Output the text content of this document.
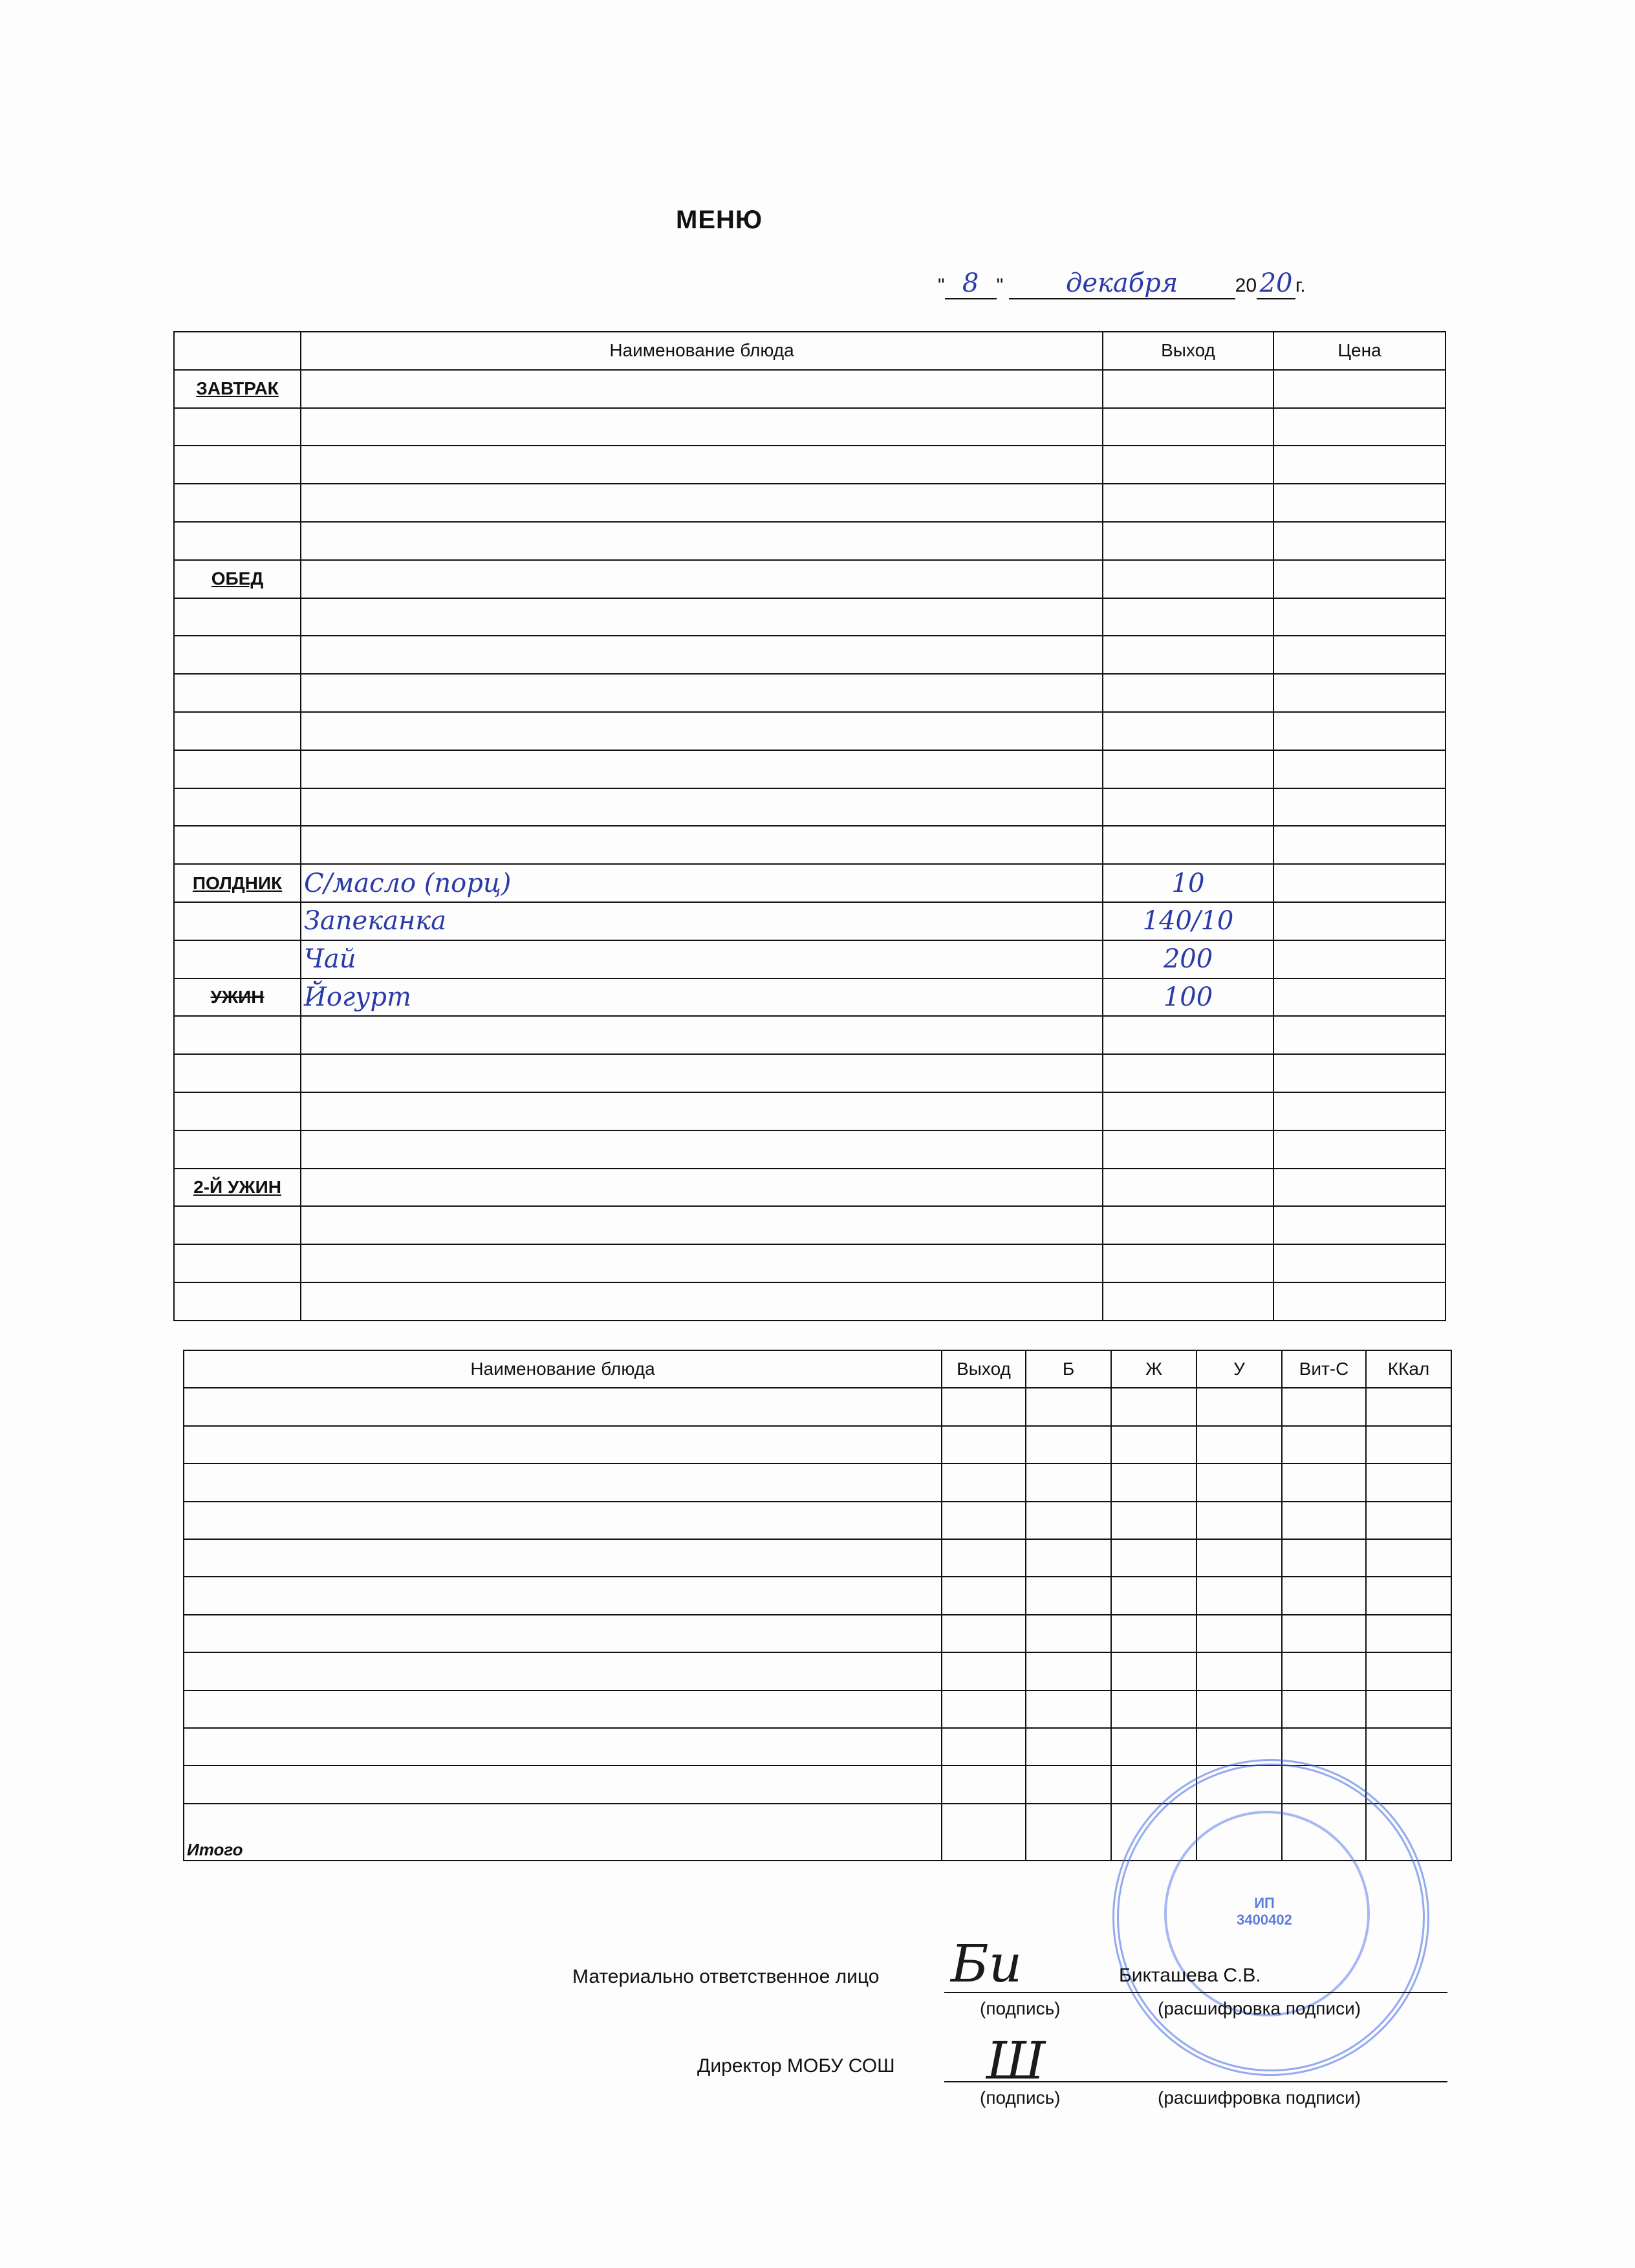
МЕНЮ
" 8 " декабря	20 20 г.
	Наименование блюда	Выход	Цена
ЗАВТРАК			

ОБЕД			

ПОЛДНИК	С/масло (порц)	10	
	Запеканка	140/10	
	Чай	200	
УЖИН	Йогурт	100	

2-Й УЖИН			

Наименование блюда	Выход	Б	Ж	У	Вит-С	ККал

Итого						
ИП
3400402
Материально ответственное лицо	Бикташева С.В.
Би
(подпись)	(расшифровка подписи)
Директор МОБУ СОШ Ш
(подпись)	(расшифровка подписи)
